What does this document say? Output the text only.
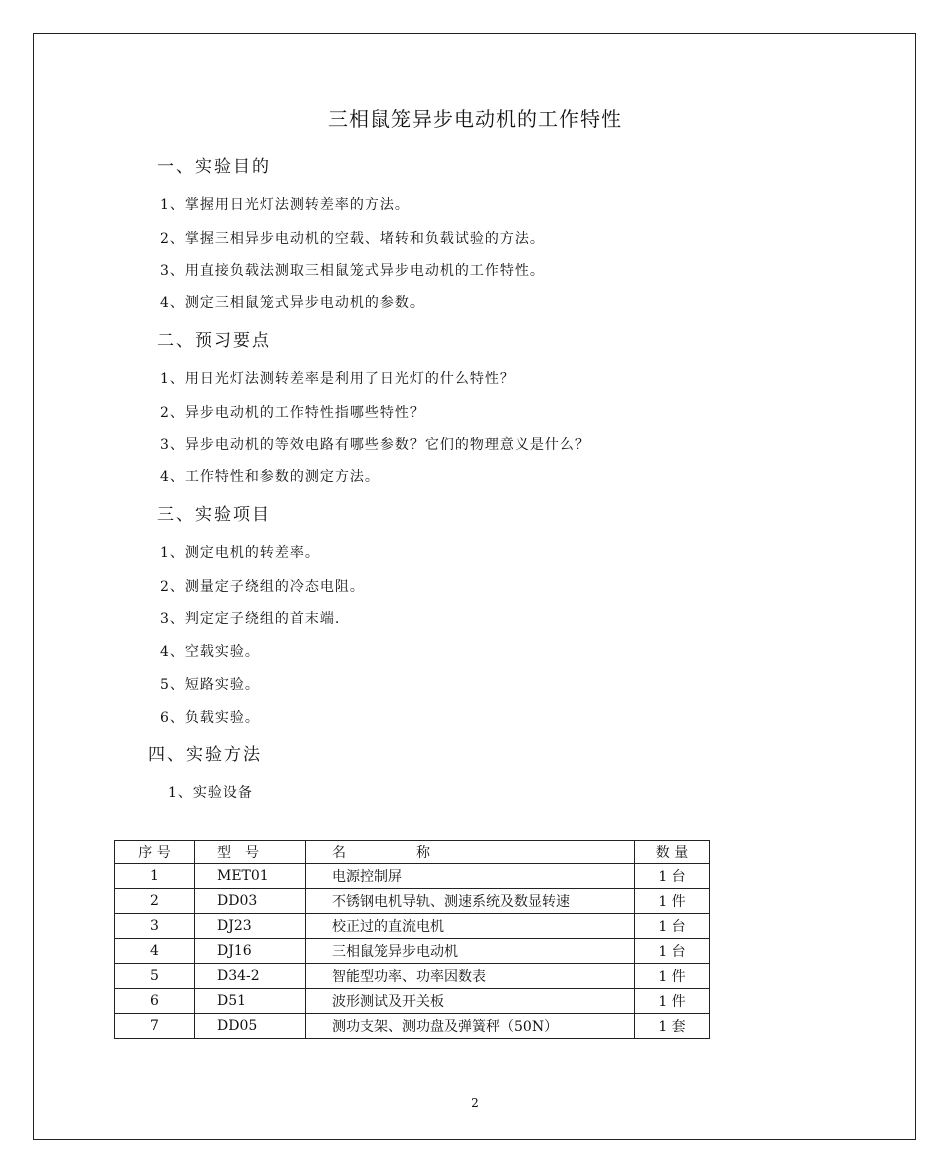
三相鼠笼异步电动机的工作特性
一、实验目的
1、掌握用日光灯法测转差率的方法。
2、掌握三相异步电动机的空载、堵转和负载试验的方法。
3、用直接负载法测取三相鼠笼式异步电动机的工作特性。
4、测定三相鼠笼式异步电动机的参数。
二、预习要点
1、用日光灯法测转差率是利用了日光灯的什么特性？
2、异步电动机的工作特性指哪些特性？
3、异步电动机的等效电路有哪些参数？它们的物理意义是什么？
4、工作特性和参数的测定方法。
三、实验项目
1、测定电机的转差率。
2、测量定子绕组的冷态电阻。
3、判定定子绕组的首末端.
4、空载实验。
5、短路实验。
6、负载实验。
四、实验方法
1、实验设备
序 号	型　号	名　　　　　称	数 量
1	MET01	电源控制屏	1 台
2	DD03	不锈钢电机导轨、测速系统及数显转速	1 件
3	DJ23	校正过的直流电机	1 台
4	DJ16	三相鼠笼异步电动机	1 台
5	D34-2	智能型功率、功率因数表	1 件
6	D51	波形测试及开关板	1 件
7	DD05	测功支架、测功盘及弹簧秤（50N）	1 套
2
